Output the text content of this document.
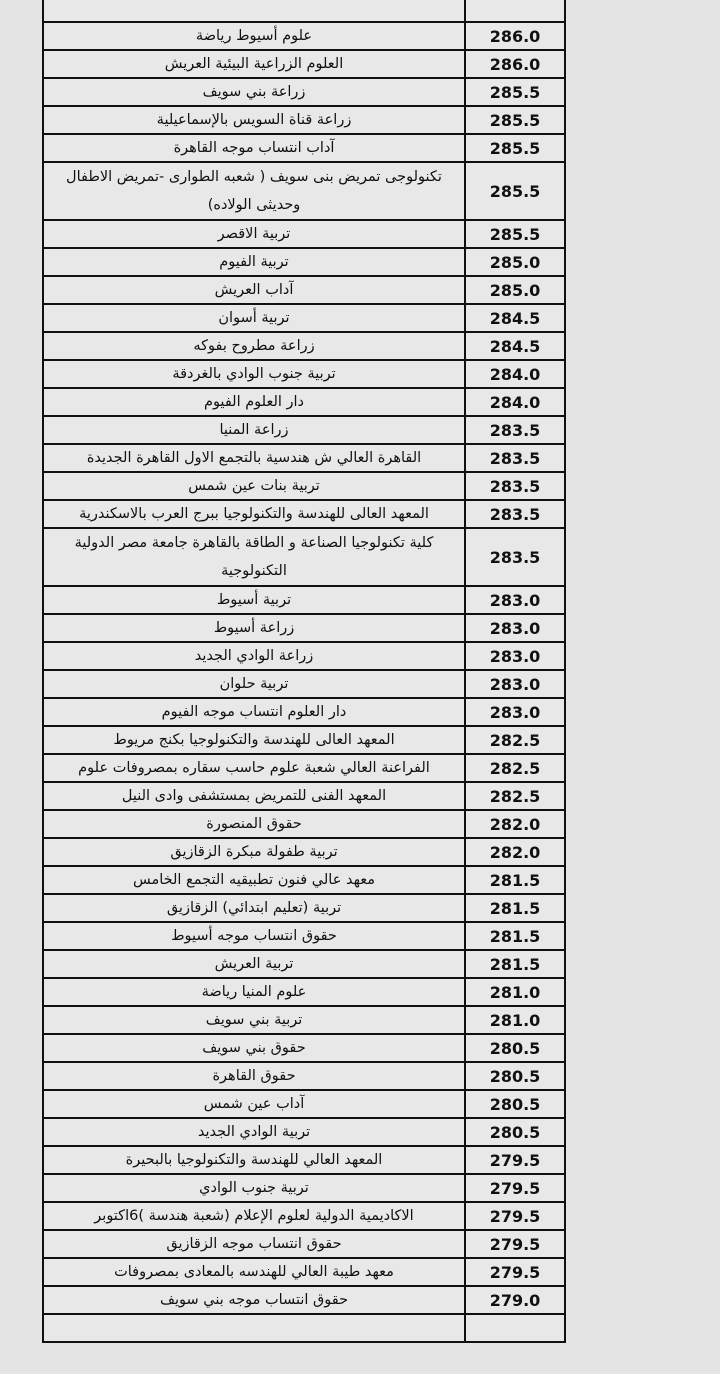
علوم أسيوط رياضة	286.0
العلوم الزراعية البيئية العريش	286.0
زراعة بني سويف	285.5
زراعة قناة السويس بالإسماعيلية	285.5
آداب انتساب موجه القاهرة	285.5
تكنولوجى تمريض بنى سويف ( شعبه الطوارى -تمريض الاطفال وحديثى الولاده)	285.5
تربية الاقصر	285.5
تربية الفيوم	285.0
آداب العريش	285.0
تربية أسوان	284.5
زراعة مطروح بفوكه	284.5
تربية جنوب الوادي بالغردقة	284.0
دار العلوم الفيوم	284.0
زراعة المنيا	283.5
القاهرة العالي ش هندسية بالتجمع الاول القاهرة الجديدة	283.5
تربية بنات عين شمس	283.5
المعهد العالى للهندسة والتكنولوجيا ببرج العرب بالاسكندرية	283.5
كلية تكنولوجيا الصناعة و الطاقة بالقاهرة جامعة مصر الدولية التكنولوجية	283.5
تربية أسيوط	283.0
زراعة أسيوط	283.0
زراعة الوادي الجديد	283.0
تربية حلوان	283.0
دار العلوم انتساب موجه الفيوم	283.0
المعهد العالى للهندسة والتكنولوجيا بكنج مريوط	282.5
الفراعنة العالي شعبة علوم حاسب سقاره بمصروفات علوم	282.5
المعهد الفنى للتمريض بمستشفى وادى النيل	282.5
حقوق المنصورة	282.0
تربية طفولة مبكرة الزقازيق	282.0
معهد عالي فنون تطبيقيه التجمع الخامس	281.5
تربية (تعليم ابتدائي) الزقازيق	281.5
حقوق انتساب موجه أسيوط	281.5
تربية العريش	281.5
علوم المنيا رياضة	281.0
تربية بني سويف	281.0
حقوق بني سويف	280.5
حقوق القاهرة	280.5
آداب عين شمس	280.5
تربية الوادي الجديد	280.5
المعهد العالي للهندسة والتكنولوجيا بالبحيرة	279.5
تربية جنوب الوادي	279.5
الاكاديمية الدولية لعلوم الإعلام (شعبة هندسة )6اكتوبر	279.5
حقوق انتساب موجه الزقازيق	279.5
معهد طيبة العالي للهندسه بالمعادى بمصروفات	279.5
حقوق انتساب موجه بني سويف	279.0
